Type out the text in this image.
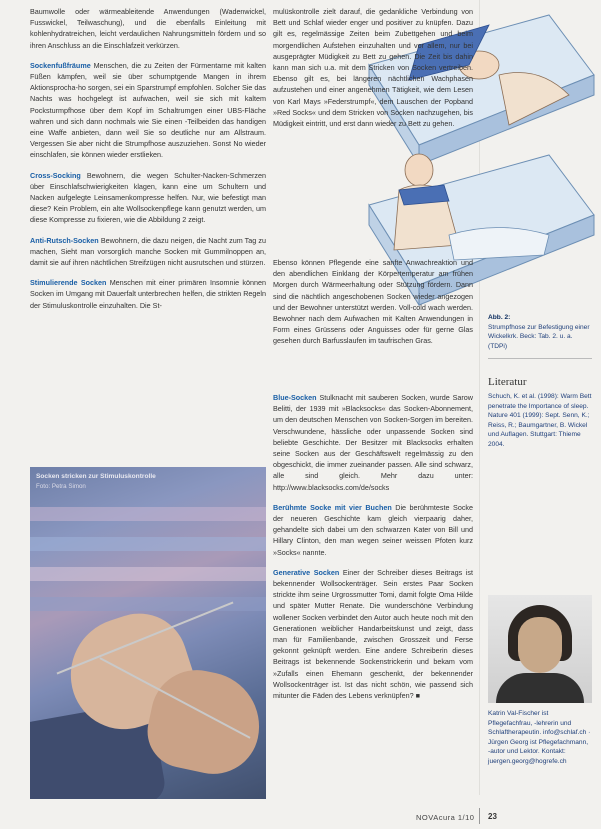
Baumwolle oder wärmeableitende Anwendungen (Wadenwickel, Fusswickel, Teilwaschung), und die ebenfalls Einleitung mit kohlenhydratreichen, leicht verdaulichen Nahrungsmitteln fördern und so ihren Anschluss an die Einschlafzeit verkürzen.

Sockenfußfräume Menschen, die zu Zeiten der Fürmentarne mit kalten Füßen kämpfen, weil sie über schurnptgende Mangen in ihrem Aktionsprocha-ho sorgen, sei ein Sparstrumpf empfohlen. Solcher Sie das Nachts was hochgelegt ist aufwachen, weil sie sich mit kaltem Pocksturmpfhose über dem Kopf im Schaltrumgen einer UBS-Fläche wahren und sich dann nochmals wie Sie einen -Teilbeiden das handigen eine Waffe anbieten, dann weil Sie so deutliche nur am Allstraum. Vergessen Sie aber nicht die Strumpfhose auszuziehen. Sonst No wieder einschlafen, sie können wieder erstlieken.

Cross-Socking Bewohnern, die wegen Schulter-Nacken-Schmerzen über Einschlafschwierigkeiten klagen, kann eine um Schultern und Nacken aufgelegte Leinsamenkompresse helfen. Nur, wie befestigt man diese? Kein Problem, ein alte Wollsockenpflege kann genutzt werden, um diese Kompresse zu fixieren, wie die Abbildung 2 zeigt.

Anti-Rutsch-Socken Bewohnern, die dazu neigen, die Nacht zum Tag zu machen, Sieht man vorsorglich manche Socken mit Gummilnoppen an, damit sie auf ihren nächtlichen Streifzügen nicht ausrutschen und stürzen.

Stimulierende Socken Menschen mit einer primären Insomnie können Socken im Umgang mit Dauerfalt unterbrechen helfen, die strikten Regeln der Stimuluskontrolle einzuhalten. Die St-

Socken stricken zur Stimuluskontrolle
Foto: Petra Simon
Abb. 2:
Strumpfhose zur Befestigung einer Wickelkrk. Beck: Tab. 2. u. a. (TDPi)

mulüskontrolle zielt darauf, die gedankliche Verbindung von Bett und Schlaf wieder enger und positiver zu knüpfen. Dazu gilt es, regelmässige Zeiten beim Zubettgehen und beim morgendlichen Aufstehen einzuhalten und vor allem, nur bei ausgeprägter Müdigkeit zu Bett zu gehen. Die Zeit bis dahin kann man sich u.a. mit dem Stricken von Socken vertreiben. Ebenso gilt es, bei längeren nächtlichen Wachphasen aufzustehen und einer angenehmen Tätigkeit, wie dem Lesen von Karl Mays »Federstrumpf«, dem Lauschen der Popband »Red Socks« und dem Stricken von Socken nachzugehen, bis Müdigkeit eintritt, und erst dann wieder zu Bett zu gehen.

Ebenso können Pflegende eine sanfte Anwachreaktion und den abendlichen Einklang der Körpertemperatur am frühen Morgen durch Wärmeerhaltung oder Stützung fördern. Dann sind die nächtlich angeschobenen Socken wieder angezogen und der Bewohner unterstützt werden. Voll-cold wach werden. Bewohner nach dem Aufwachen mit Kalten Anwendungen in Form eines Grüssens oder Anguisses oder für gerne Glas gesehen durch Barfusslaufen im taufrischen Gras.

Blue-Socken Stulknacht mit sauberen Socken, wurde Sarow Belitti, der 1939 mit »Blacksocks« das Socken-Abonnement, um den deutschen Menschen von Socken-Sorgen im bereiten. Verschwundene, hässliche oder unpassende Socken sind beliebte Geschichte. Der Besitzer mit Blacksocks erhalten seine Socken aus der Geschäftswelt regelmässig zu den obgeschickt, die immer zueinander passen. Alle sind schwarz, alle sind gleich. Mehr dazu unter: http://www.blacksocks.com/de/socks

Berühmte Socke mit vier Buchen Die berühmteste Socke der neueren Geschichte kam gleich vierpaarig daher, gehandelte sich dabei um den schwarzen Kater von Bill und Hillary Clinton, den man wegen seiner weissen Pfoten kurz »Socks« nannte.

Generative Socken Einer der Schreiber dieses Beitrags ist bekennender Wollsockenträger. Sein erstes Paar Socken strickte ihm seine Urgrossmutter Tomi, damit folgte Oma Hilde und später Mutter Renate. Die wunderschöne Verbindung wollener Socken verbindet den Autor auch heute noch mit den Generationen weiblicher Handarbeitskunst und zeigt, dass man für Familienbande, zwischen Grosszeit und Ferse gekonnt geknüpft werden. Eine andere Schreiberin dieses Beitrags ist bekennende Sockenstrickerin und bekam vom »Zufalls einen Ehemann geschenkt, der bekennender Wollsockenträger ist. Ist das nicht schön, wie passend sich mitunter die Fäden des Lebens verknüpfen? ■

Literatur
Schuch, K. et al. (1998): Warm Bett penetrate the Importance of sleep. Nature 401 (1999): Sept. Senn, K.; Reiss, R.; Baumgartner, B. Wickel und Auflagen. Stuttgart: Thieme 2004.
Katrin Val-Fischer ist Pflegefachfrau, -lehrerin und Schlaftherapeutin. info@schlaf.ch · Jürgen Georg ist Pflegefachmann, -autor und Lektor. Kontakt: juergen.georg@hogrefe.ch
NOVAcura 1/10 23
